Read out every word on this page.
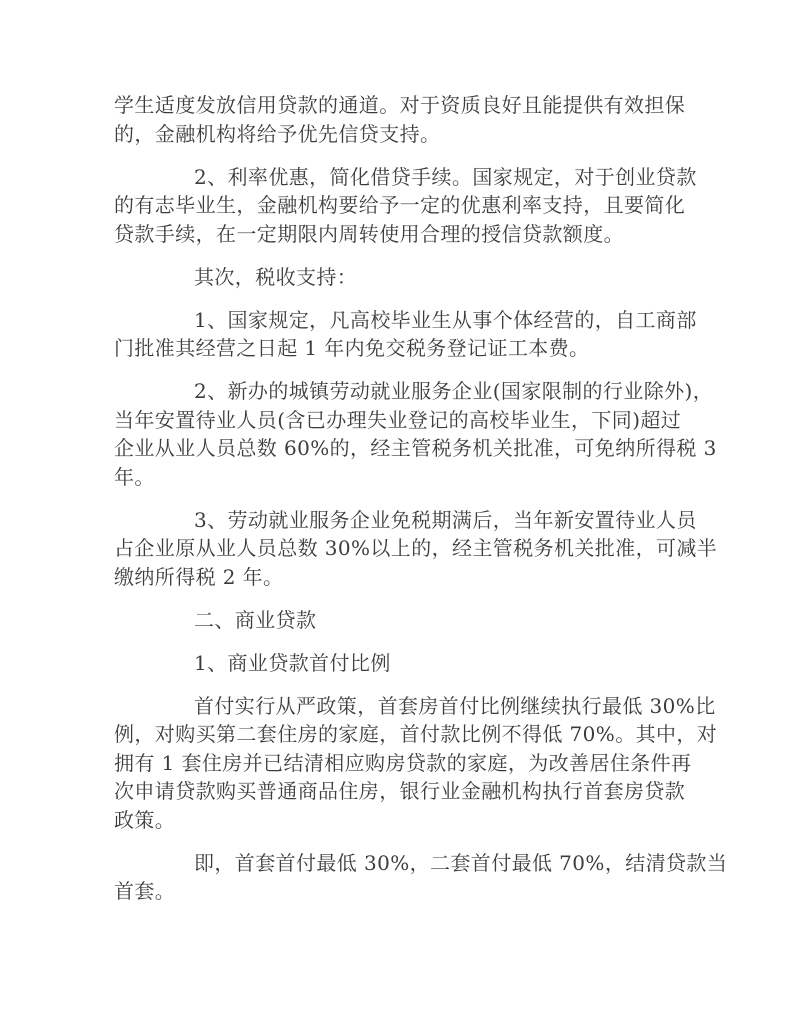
学生适度发放信用贷款的通道。对于资质良好且能提供有效担保
的，金融机构将给予优先信贷支持。
2、利率优惠，简化借贷手续。国家规定，对于创业贷款
的有志毕业生，金融机构要给予一定的优惠利率支持，且要简化
贷款手续，在一定期限内周转使用合理的授信贷款额度。
其次，税收支持：
1、国家规定，凡高校毕业生从事个体经营的，自工商部
门批准其经营之日起 1 年内免交税务登记证工本费。
2、新办的城镇劳动就业服务企业(国家限制的行业除外)，
当年安置待业人员(含已办理失业登记的高校毕业生，下同)超过
企业从业人员总数 60%的，经主管税务机关批准，可免纳所得税 3
年。
3、劳动就业服务企业免税期满后，当年新安置待业人员
占企业原从业人员总数 30%以上的，经主管税务机关批准，可减半
缴纳所得税 2 年。
二、商业贷款
1、商业贷款首付比例
首付实行从严政策，首套房首付比例继续执行最低 30%比
例，对购买第二套住房的家庭，首付款比例不得低 70%。其中，对
拥有 1 套住房并已结清相应购房贷款的家庭，为改善居住条件再
次申请贷款购买普通商品住房，银行业金融机构执行首套房贷款
政策。
即，首套首付最低 30%，二套首付最低 70%，结清贷款当
首套。
